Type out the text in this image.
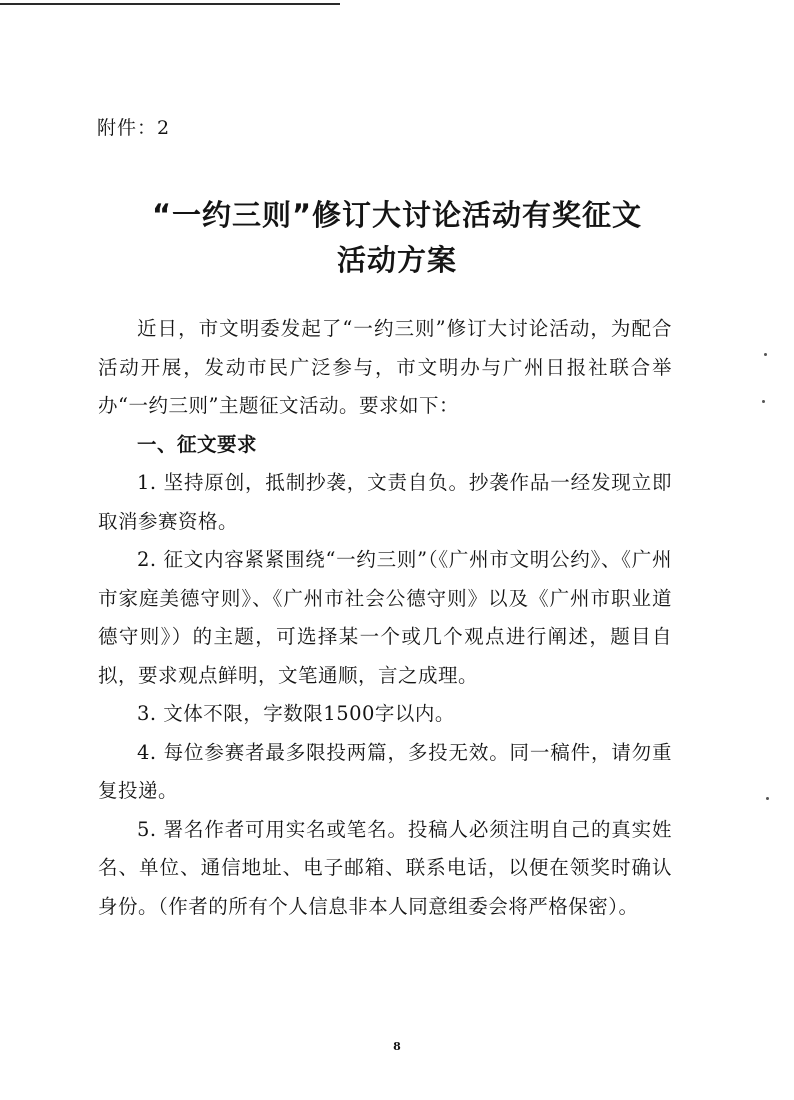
附件：2
“一约三则”修订大讨论活动有奖征文
活动方案

近日，市文明委发起了“一约三则”修订大讨论活动，为配合活动开展，发动市民广泛参与，市文明办与广州日报社联合举办“一约三则”主题征文活动。要求如下：

一、征文要求

1. 坚持原创，抵制抄袭，文责自负。抄袭作品一经发现立即取消参赛资格。

2. 征文内容紧紧围绕“一约三则”（《广州市文明公约》、《广州市家庭美德守则》、《广州市社会公德守则》以及《广州市职业道德守则》）的主题，可选择某一个或几个观点进行阐述，题目自拟，要求观点鲜明，文笔通顺，言之成理。

3. 文体不限，字数限1500字以内。

4. 每位参赛者最多限投两篇，多投无效。同一稿件，请勿重复投递。

5. 署名作者可用实名或笔名。投稿人必须注明自己的真实姓名、单位、通信地址、电子邮箱、联系电话，以便在领奖时确认身份。（作者的所有个人信息非本人同意组委会将严格保密）。

8
